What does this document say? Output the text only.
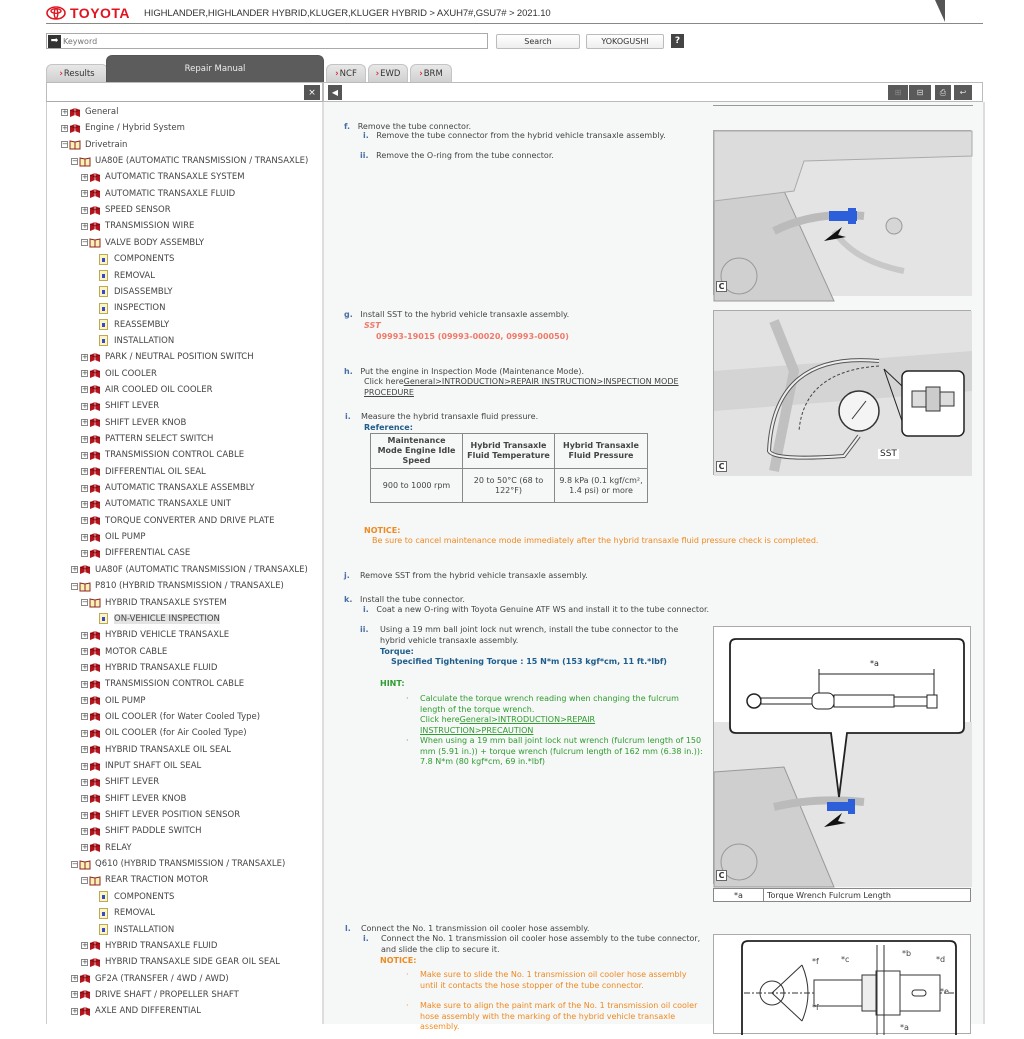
TOYOTA HIGHLANDER,HIGHLANDER HYBRID,KLUGER,KLUGER HYBRID > AXUH7#,GSU7# > 2021.10
➡
Keyword	Search	YOKOGUSHI	?
› Results	Repair Manual	› NCF › EWD › BRM
×	◀	⊞ ⊟ ⎙ ↩
+ General
+ Engine / Hybrid System
− Drivetrain
− UA80E (AUTOMATIC TRANSMISSION / TRANSAXLE)
+ AUTOMATIC TRANSAXLE SYSTEM
+ AUTOMATIC TRANSAXLE FLUID
+ SPEED SENSOR
+ TRANSMISSION WIRE
− VALVE BODY ASSEMBLY
COMPONENTS
REMOVAL
DISASSEMBLY
INSPECTION
REASSEMBLY
INSTALLATION
+ PARK / NEUTRAL POSITION SWITCH
+ OIL COOLER
+ AIR COOLED OIL COOLER
+ SHIFT LEVER
+ SHIFT LEVER KNOB
+ PATTERN SELECT SWITCH
+ TRANSMISSION CONTROL CABLE
+ DIFFERENTIAL OIL SEAL
+ AUTOMATIC TRANSAXLE ASSEMBLY
+ AUTOMATIC TRANSAXLE UNIT
+ TORQUE CONVERTER AND DRIVE PLATE
+ OIL PUMP
+ DIFFERENTIAL CASE
+ UA80F (AUTOMATIC TRANSMISSION / TRANSAXLE)
− P810 (HYBRID TRANSMISSION / TRANSAXLE)
− HYBRID TRANSAXLE SYSTEM
ON-VEHICLE INSPECTION
+ HYBRID VEHICLE TRANSAXLE
+ MOTOR CABLE
+ HYBRID TRANSAXLE FLUID
+ TRANSMISSION CONTROL CABLE
+ OIL PUMP
+ OIL COOLER (for Water Cooled Type)
+ OIL COOLER (for Air Cooled Type)
+ HYBRID TRANSAXLE OIL SEAL
+ INPUT SHAFT OIL SEAL
+ SHIFT LEVER
+ SHIFT LEVER KNOB
+ SHIFT LEVER POSITION SENSOR
+ SHIFT PADDLE SWITCH
+ RELAY
− Q610 (HYBRID TRANSMISSION / TRANSAXLE)
− REAR TRACTION MOTOR
COMPONENTS
REMOVAL
INSTALLATION
+ HYBRID TRANSAXLE FLUID
+ HYBRID TRANSAXLE SIDE GEAR OIL SEAL
+ GF2A (TRANSFER / 4WD / AWD)
+ DRIVE SHAFT / PROPELLER SHAFT
+ AXLE AND DIFFERENTIAL
f. Remove the tube connector.
i. Remove the tube connector from the hybrid vehicle transaxle assembly.
ii. Remove the O-ring from the tube connector.
g. Install SST to the hybrid vehicle transaxle assembly.
SST
09993-19015 (09993-00020, 09993-00050)
h. Put the engine in Inspection Mode (Maintenance Mode).
Click hereGeneral>INTRODUCTION>REPAIR INSTRUCTION>INSPECTION MODE PROCEDURE
i. Measure the hybrid transaxle fluid pressure.
Reference:
Maintenance Mode Engine Idle Speed	Hybrid Transaxle Fluid Temperature	Hybrid Transaxle Fluid Pressure
900 to 1000 rpm	20 to 50°C (68 to 122°F)	9.8 kPa (0.1 kgf/cm², 1.4 psi) or more
NOTICE:
Be sure to cancel maintenance mode immediately after the hybrid transaxle fluid pressure check is completed.
j. Remove SST from the hybrid vehicle transaxle assembly.
k. Install the tube connector.
i. Coat a new O-ring with Toyota Genuine ATF WS and install it to the tube connector.
ii.	Using a 19 mm ball joint lock nut wrench, install the tube connector to the hybrid vehicle transaxle assembly.
Torque:
Specified Tightening Torque : 15 N*m (153 kgf*cm, 11 ft.*lbf)
HINT:
· Calculate the torque wrench reading when changing the fulcrum length of the torque wrench.
Click hereGeneral>INTRODUCTION>REPAIR INSTRUCTION>PRECAUTION
· When using a 19 mm ball joint lock nut wrench (fulcrum length of 150 mm (5.91 in.)) + torque wrench (fulcrum length of 162 mm (6.38 in.)):
7.8 N*m (80 kgf*cm, 69 in.*lbf)
l. Connect the No. 1 transmission oil cooler hose assembly.
i.	Connect the No. 1 transmission oil cooler hose assembly to the tube connector, and slide the clip to secure it.
NOTICE:
· Make sure to slide the No. 1 transmission oil cooler hose assembly until it contacts the hose stopper of the tube connector.
· Make sure to align the paint mark of the No. 1 transmission oil cooler hose assembly with the marking of the hybrid vehicle transaxle assembly.
C
SST
C
*a
C
*a	Torque Wrench Fulcrum Length
*f
*f
*c
*b
*d
*e
*a
